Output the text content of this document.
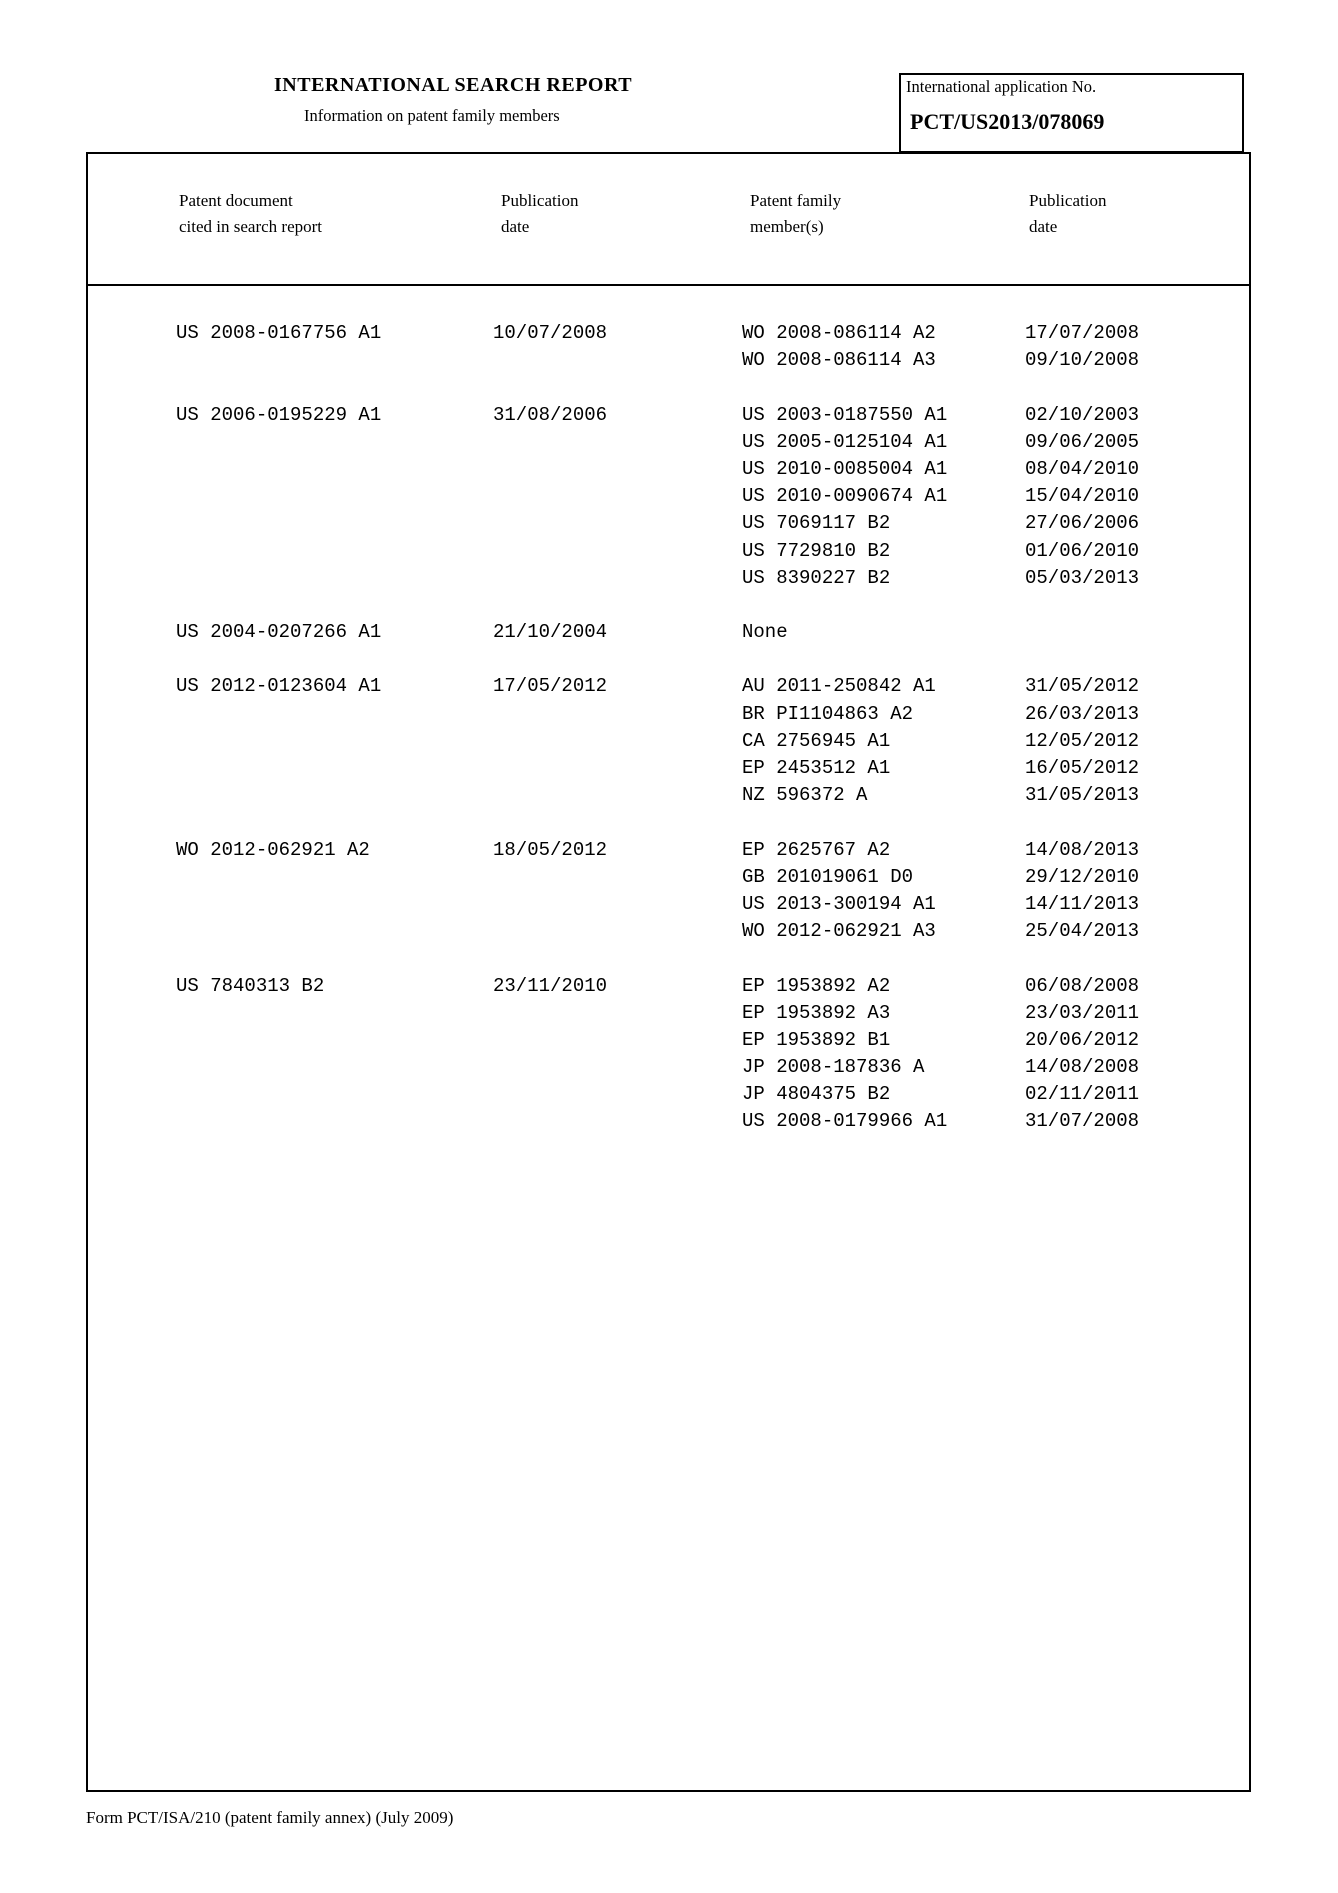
INTERNATIONAL SEARCH REPORT
Information on patent family members
International application No.
PCT/US2013/078069
Patent document
cited in search report
Publication
date
Patent family
member(s)
Publication
date
US 2008-0167756 A1	10/07/2008	WO 2008-086114 A2	17/07/2008
WO 2008-086114 A3	09/10/2008
US 2006-0195229 A1	31/08/2006	US 2003-0187550 A1	02/10/2003
US 2005-0125104 A1	09/06/2005
US 2010-0085004 A1	08/04/2010
US 2010-0090674 A1	15/04/2010
US 7069117 B2	27/06/2006
US 7729810 B2	01/06/2010
US 8390227 B2	05/03/2013
US 2004-0207266 A1	21/10/2004	None
US 2012-0123604 A1	17/05/2012	AU 2011-250842 A1	31/05/2012
BR PI1104863 A2	26/03/2013
CA 2756945 A1	12/05/2012
EP 2453512 A1	16/05/2012
NZ 596372 A	31/05/2013
WO 2012-062921 A2	18/05/2012	EP 2625767 A2	14/08/2013
GB 201019061 D0	29/12/2010
US 2013-300194 A1	14/11/2013
WO 2012-062921 A3	25/04/2013
US 7840313 B2	23/11/2010	EP 1953892 A2	06/08/2008
EP 1953892 A3	23/03/2011
EP 1953892 B1	20/06/2012
JP 2008-187836 A	14/08/2008
JP 4804375 B2	02/11/2011
US 2008-0179966 A1	31/07/2008
Form PCT/ISA/210 (patent family annex) (July 2009)
